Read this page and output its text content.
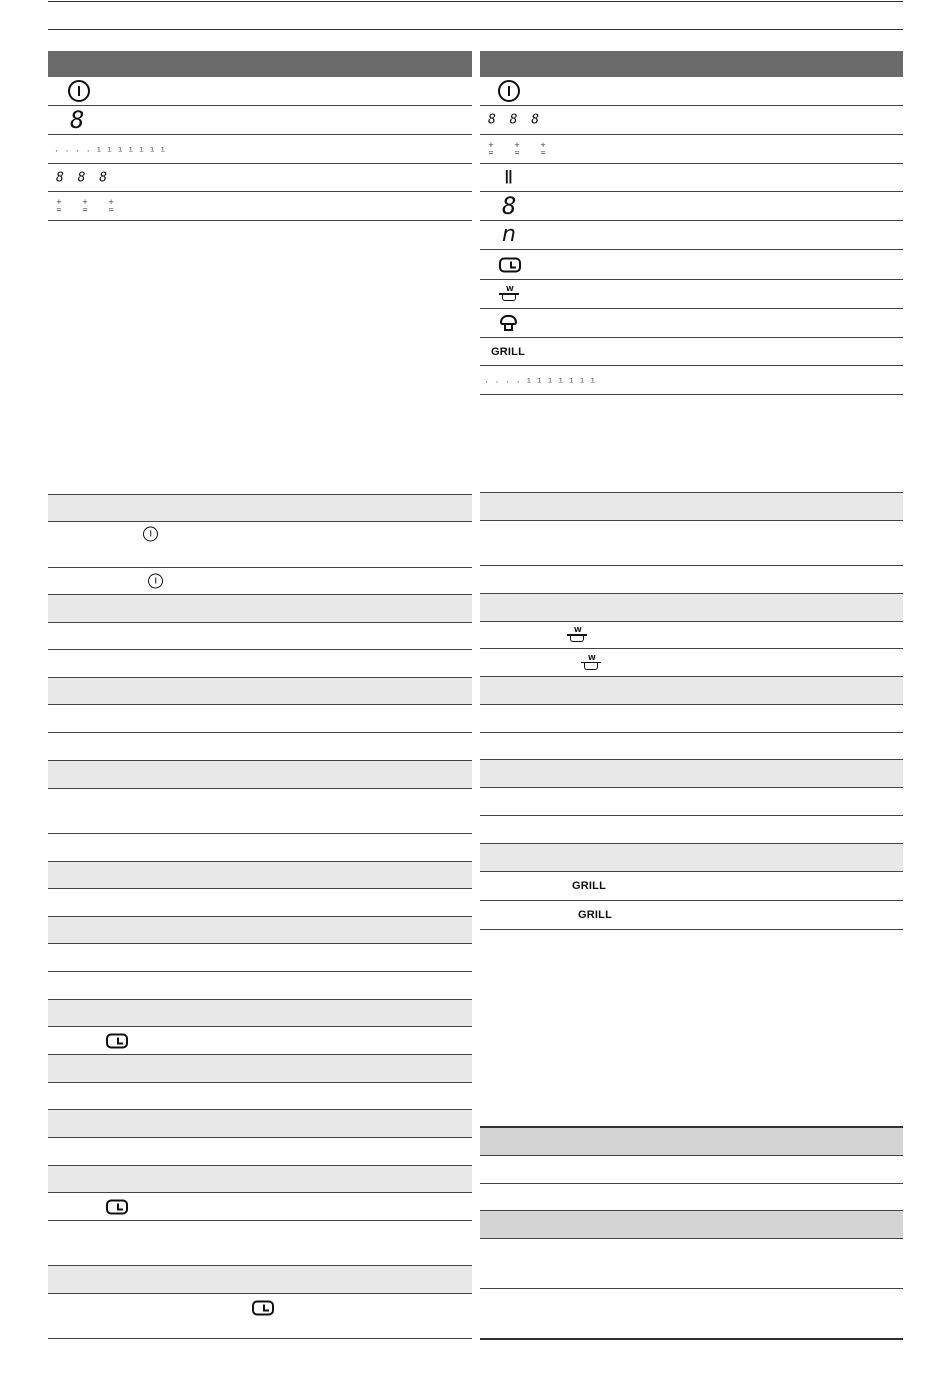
8
. . . . ı ı ı ı ı ı ı
8 8 8
+ + +
= = =
8 8 8
+ + +
= = =
II
8
n
W
GRILL
. . . . ı ı ı ı ı ı ı
W
W
GRILL
GRILL
